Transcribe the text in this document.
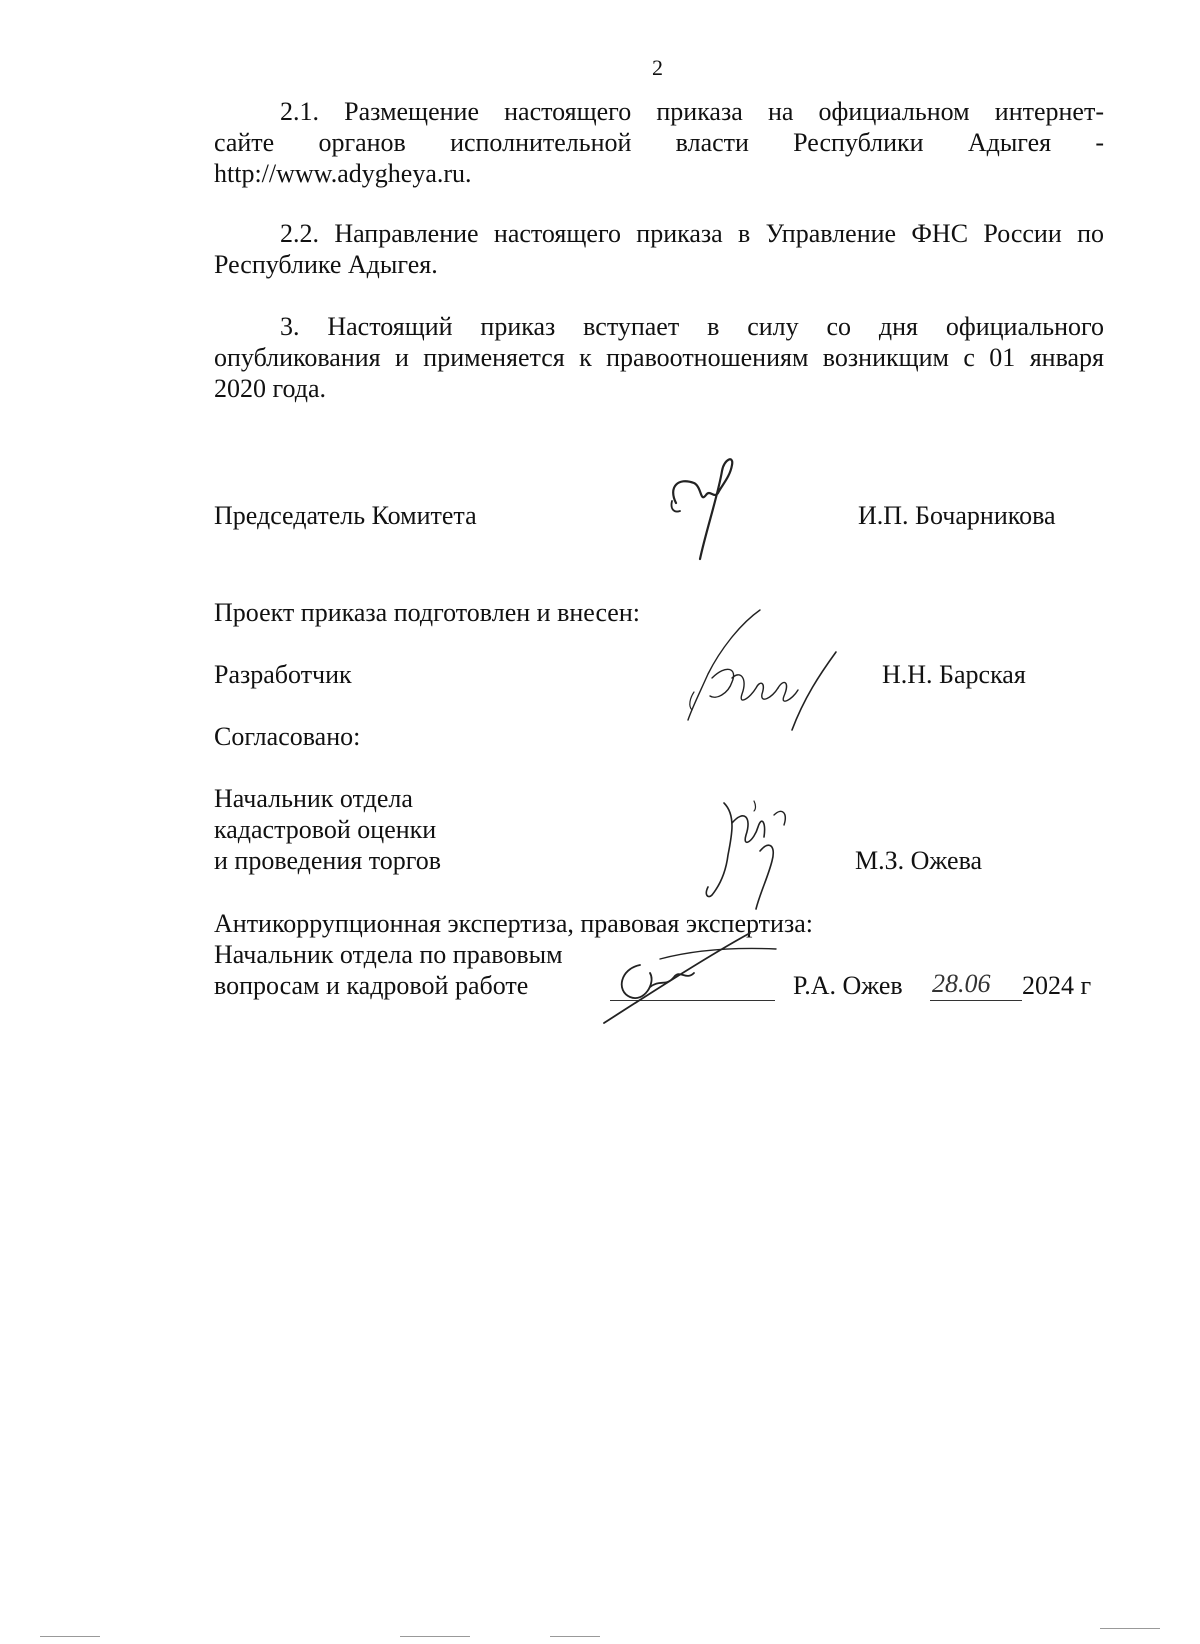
2
2.1. Размещение настоящего приказа на официальном интернет-
сайте органов исполнительной власти Республики Адыгея -
http://www.adygheya.ru.
2.2. Направление настоящего приказа в Управление ФНС России по
Республике Адыгея.
3. Настоящий приказ вступает в силу со дня официального
опубликования и применяется к правоотношениям возникщим с 01 января
2020 года.
Председатель Комитета	И.П. Бочарникова
Проект приказа подготовлен и внесен:
Разработчик	Н.Н. Барская
Согласовано:
Начальник отдела
кадастровой оценки
и проведения торгов	М.З. Ожева
Антикоррупционная экспертиза, правовая экспертиза:
Начальник отдела по правовым
вопросам и кадровой работе	Р.А. Ожев 28.06 2024 г
